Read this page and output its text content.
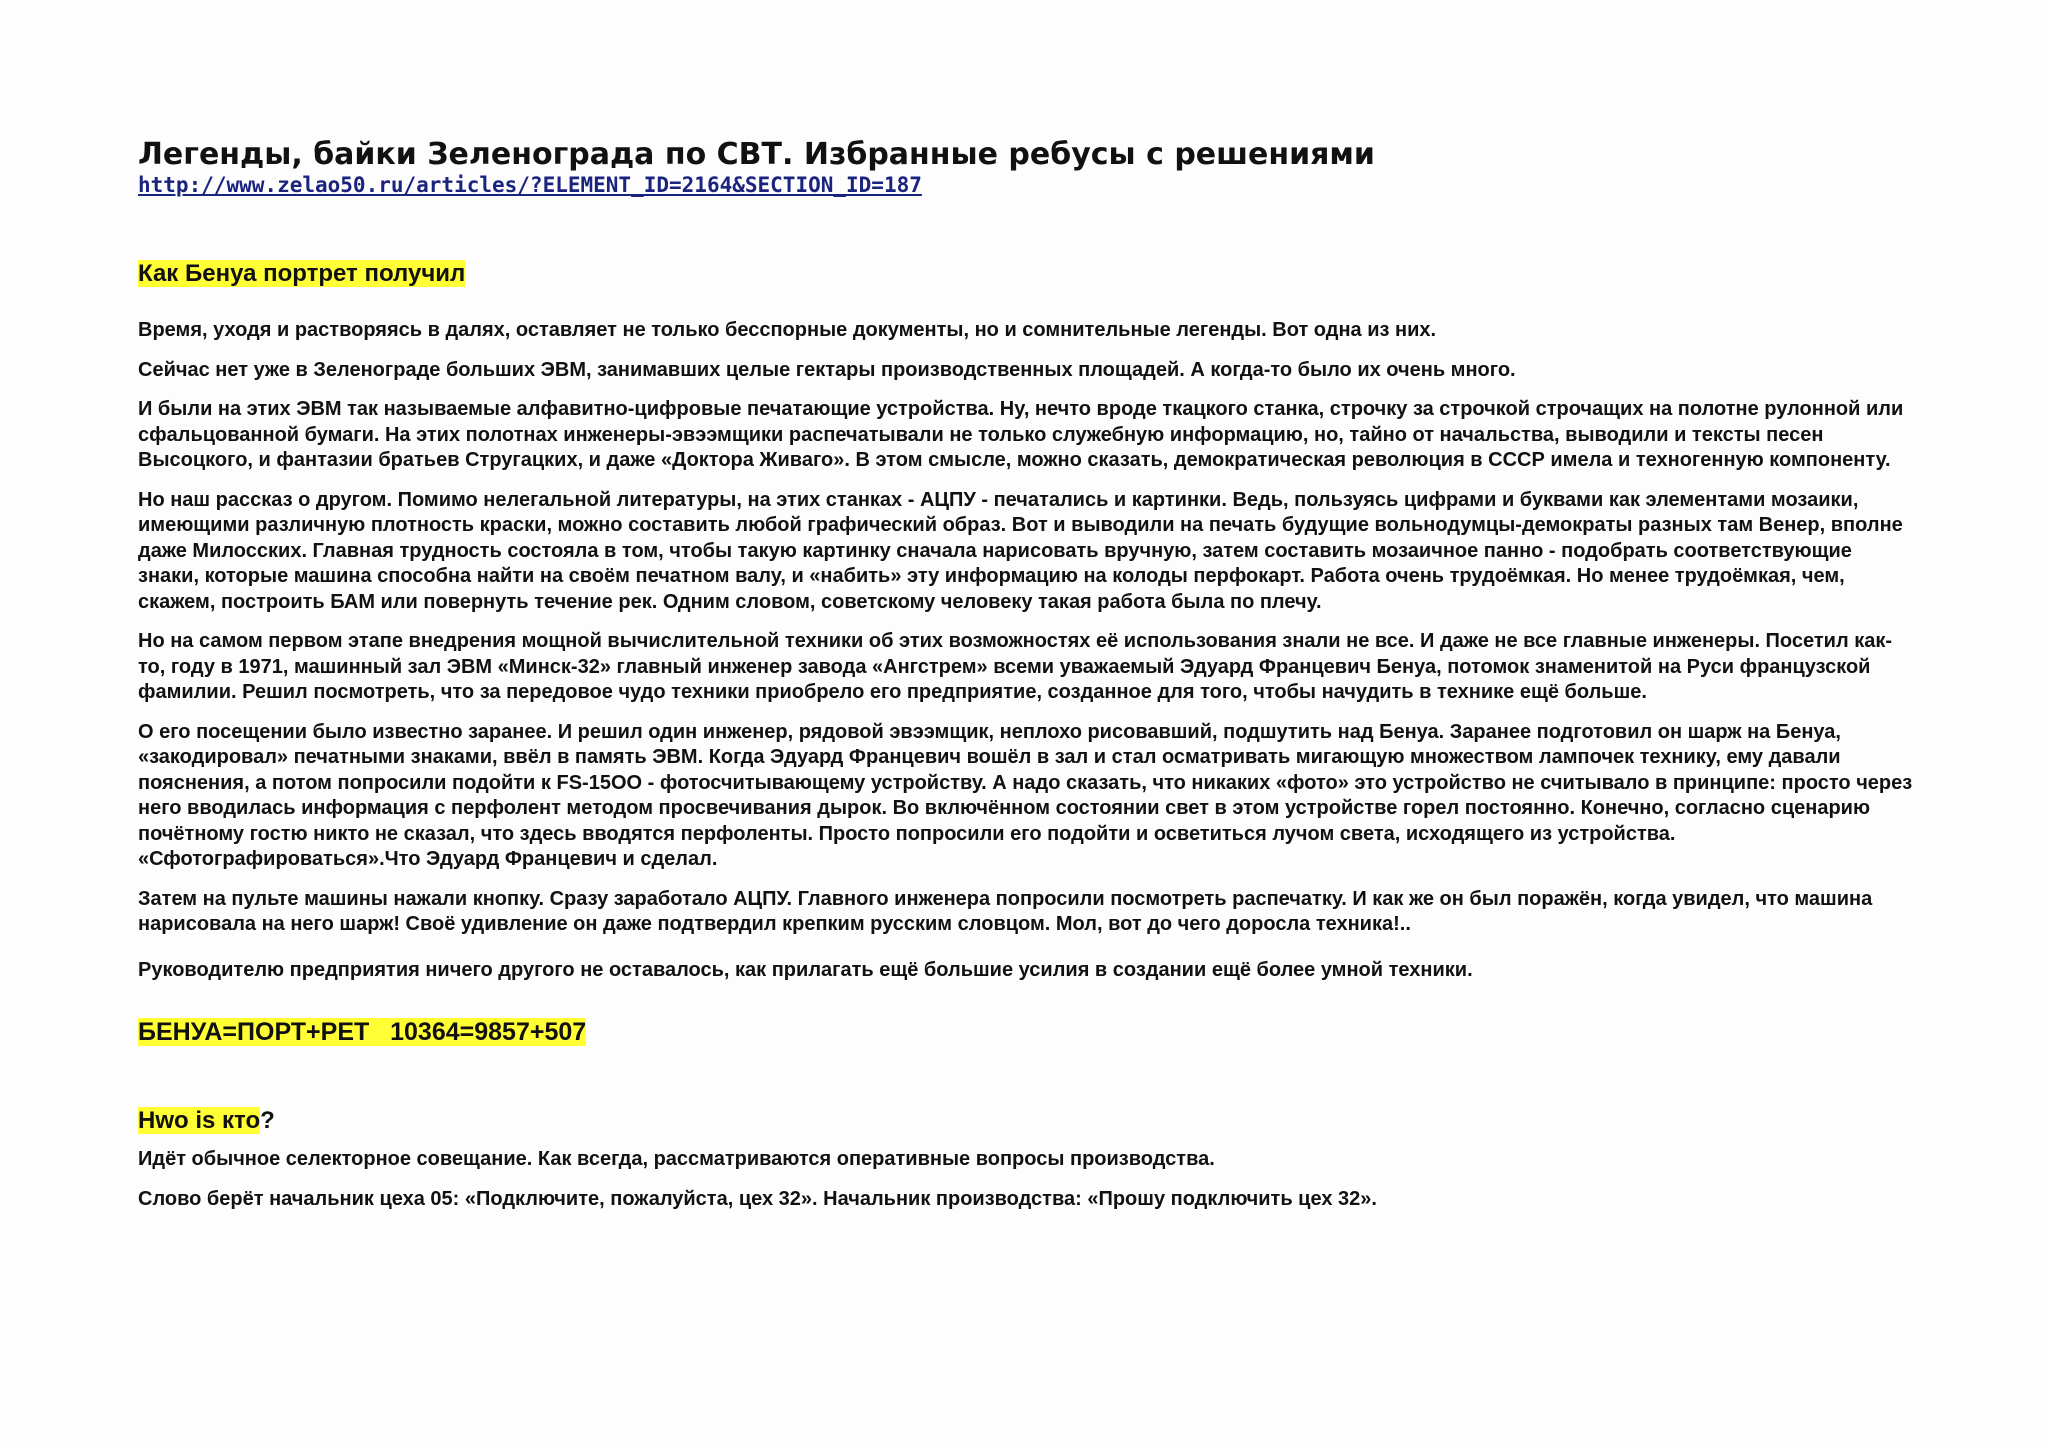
Легенды, байки Зеленограда по СВТ. Избранные ребусы с решениями
http://www.zelao50.ru/articles/?ELEMENT_ID=2164&SECTION_ID=187

Как Бенуа портрет получил

Время, уходя и растворяясь в далях, оставляет не только бесспорные документы, но и сомнительные легенды. Вот одна из них.

Сейчас нет уже в Зеленограде больших ЭВМ, занимавших целые гектары производственных площадей. А когда-то было их очень много.

И были на этих ЭВМ так называемые алфавитно-цифровые печатающие устройства. Ну, нечто вроде ткацкого станка, строчку за строчкой строчащих на полотне рулонной или сфальцованной бумаги. На этих полотнах инженеры-эвээмщики распечатывали не только служебную информацию, но, тайно от начальства, выводили и тексты песен Высоцкого, и фантазии братьев Стругацких, и даже «Доктора Живаго». В этом смысле, можно сказать, демократическая революция в СССР имела и техногенную компоненту.

Но наш рассказ о другом. Помимо нелегальной литературы, на этих станках - АЦПУ - печатались и картинки. Ведь, пользуясь цифрами и буквами как элементами мозаики, имеющими различную плотность краски, можно составить любой графический образ. Вот и выводили на печать будущие вольнодумцы-демократы разных там Венер, вполне даже Милосских. Главная трудность состояла в том, чтобы такую картинку сначала нарисовать вручную, затем составить мозаичное панно - подобрать соответствующие знаки, которые машина способна найти на своём печатном валу, и «набить» эту информацию на колоды перфокарт. Работа очень трудоёмкая. Но менее трудоёмкая, чем, скажем, построить БАМ или повернуть течение рек. Одним словом, советскому человеку такая работа была по плечу.

Но на самом первом этапе внедрения мощной вычислительной техники об этих возможностях её использования знали не все. И даже не все главные инженеры. Посетил как-то, году в 1971, машинный зал ЭВМ «Минск-32» главный инженер завода «Ангстрем» всеми уважаемый Эдуард Францевич Бенуа, потомок знаменитой на Руси французской фамилии. Решил посмотреть, что за передовое чудо техники приобрело его предприятие, созданное для того, чтобы начудить в технике ещё больше.

О его посещении было известно заранее. И решил один инженер, рядовой эвээмщик, неплохо рисовавший, подшутить над Бенуа. Заранее подготовил он шарж на Бенуа, «закодировал» печатными знаками, ввёл в память ЭВМ. Когда Эдуард Францевич вошёл в зал и стал осматривать мигающую множеством лампочек технику, ему давали пояснения, а потом попросили подойти к FS-15OO - фотосчитывающему устройству. А надо сказать, что никаких «фото» это устройство не считывало в принципе: просто через него вводилась информация с перфолент методом просвечивания дырок. Во включённом состоянии свет в этом устройстве горел постоянно. Конечно, согласно сценарию почётному гостю никто не сказал, что здесь вводятся перфоленты. Просто попросили его подойти и осветиться лучом света, исходящего из устройства. «Сфотографироваться».Что Эдуард Францевич и сделал.

Затем на пульте машины нажали кнопку. Сразу заработало АЦПУ. Главного инженера попросили посмотреть распечатку. И как же он был поражён, когда увидел, что машина нарисовала на него шарж! Своё удивление он даже подтвердил крепким русским словцом. Мол, вот до чего доросла техника!..

Руководителю предприятия ничего другого не оставалось, как прилагать ещё большие усилия в создании ещё более умной техники.

БЕНУА=ПОРТ+РЕТ   10364=9857+507

Hwo is кто?

Идёт обычное селекторное совещание. Как всегда, рассматриваются оперативные вопросы производства.

Слово берёт начальник цеха 05: «Подключите, пожалуйста, цех 32». Начальник производства: «Прошу подключить цех 32».
